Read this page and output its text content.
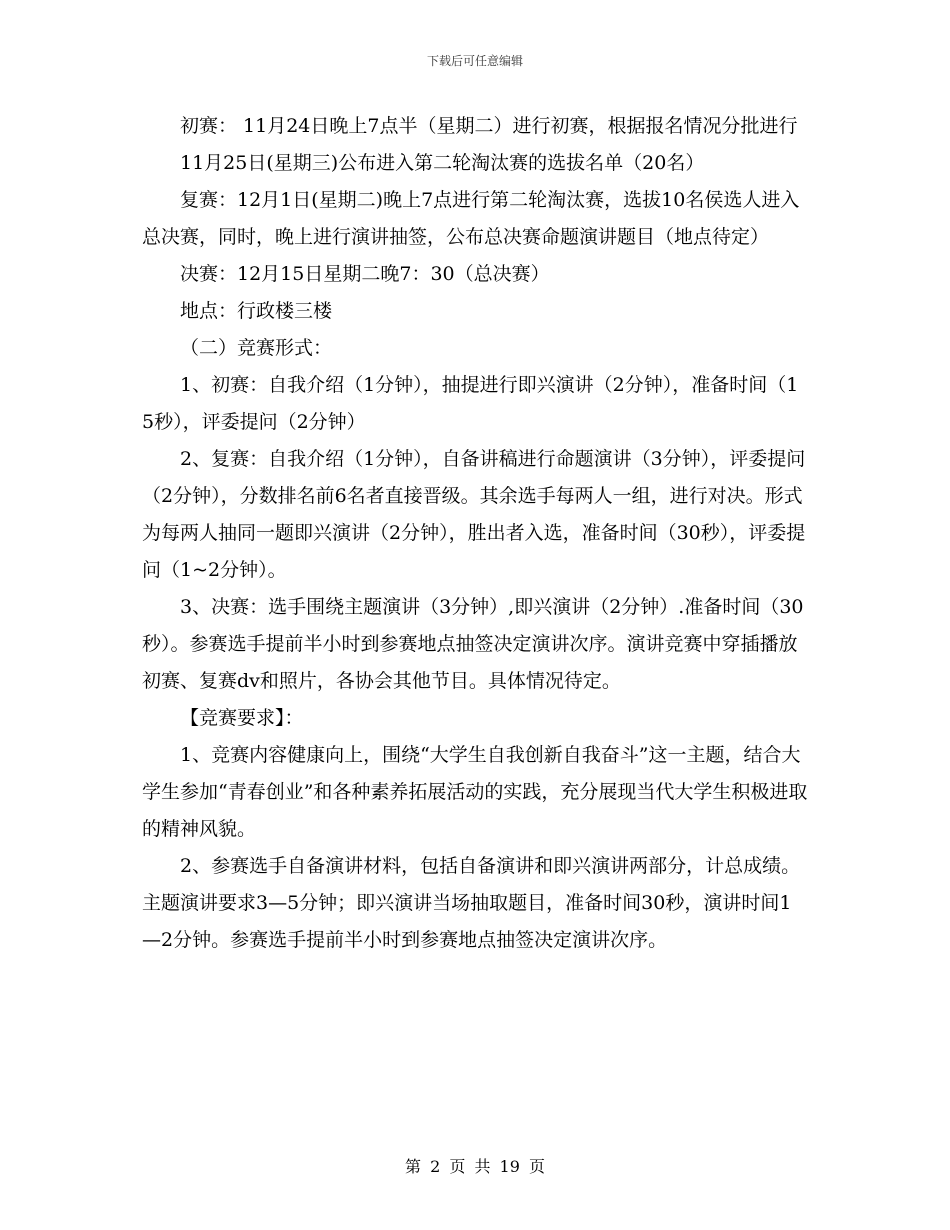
下载后可任意编辑

初赛： 11月24日晚上7点半（星期二）进行初赛，根据报名情况分批进行

11月25日(星期三)公布进入第二轮淘汰赛的选拔名单（20名）

复赛：12月1日(星期二)晚上7点进行第二轮淘汰赛，选拔10名侯选人进入总决赛，同时，晚上进行演讲抽签，公布总决赛命题演讲题目（地点待定）

决赛：12月15日星期二晚7：30（总决赛）

地点：行政楼三楼

（二）竞赛形式：

1、初赛：自我介绍（1分钟），抽提进行即兴演讲（2分钟），准备时间（15秒），评委提问（2分钟）

2、复赛：自我介绍（1分钟），自备讲稿进行命题演讲（3分钟），评委提问（2分钟），分数排名前6名者直接晋级。其余选手每两人一组，进行对决。形式为每两人抽同一题即兴演讲（2分钟），胜出者入选，准备时间（30秒），评委提问（1~2分钟）。

3、决赛：选手围绕主题演讲（3分钟）,即兴演讲（2分钟）.准备时间（30秒）。参赛选手提前半小时到参赛地点抽签决定演讲次序。演讲竞赛中穿插播放初赛、复赛dv和照片，各协会其他节目。具体情况待定。

【竞赛要求】：

1、竞赛内容健康向上，围绕“大学生自我创新自我奋斗”这一主题，结合大学生参加“青春创业”和各种素养拓展活动的实践，充分展现当代大学生积极进取的精神风貌。

2、参赛选手自备演讲材料，包括自备演讲和即兴演讲两部分，计总成绩。主题演讲要求3—5分钟；即兴演讲当场抽取题目，准备时间30秒，演讲时间1—2分钟。参赛选手提前半小时到参赛地点抽签决定演讲次序。

第 2 页 共 19 页
